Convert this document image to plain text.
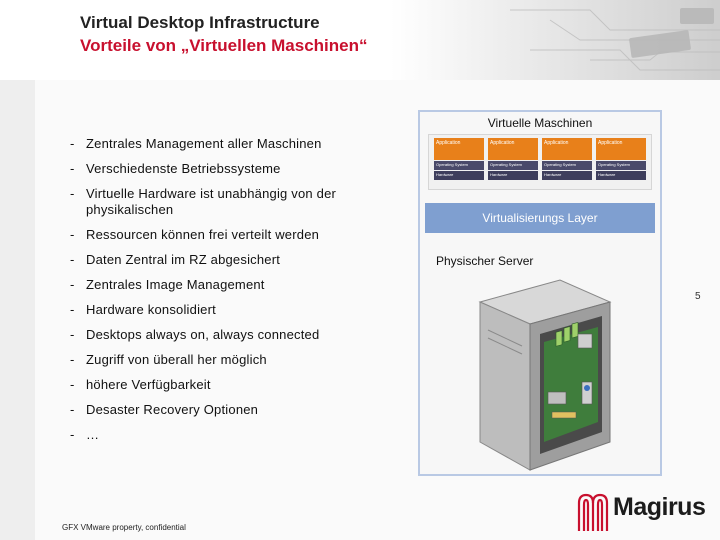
Virtual Desktop Infrastructure
Vorteile von „Virtuellen Maschinen“
- Zentrales Management aller Maschinen
- Verschiedenste Betriebssysteme
- Virtuelle Hardware ist unabhängig von der physikalischen
- Ressourcen können frei verteilt werden
- Daten Zentral im RZ abgesichert
- Zentrales Image Management
- Hardware konsolidiert
- Desktops always on, always connected
- Zugriff von überall her möglich
- höhere Verfügbarkeit
- Desaster Recovery Optionen
- …
Virtuelle Maschinen
Application
Operating System
Hardware
Application
Operating System
Hardware
Application
Operating System
Hardware
Application
Operating System
Hardware
Virtualisierungs Layer
Physischer Server
5
GFX VMware property, confidential
Magirus
